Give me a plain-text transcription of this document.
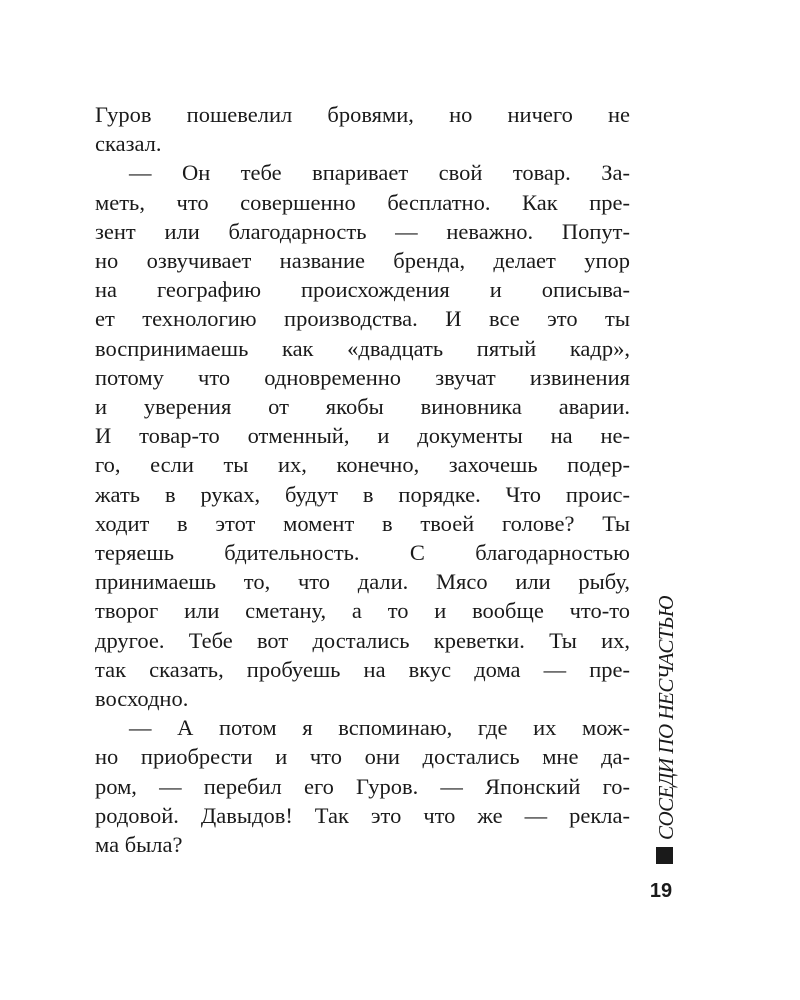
Гуров пошевелил бровями, но ничего не
сказал.
— Он тебе впаривает свой товар. За-
меть, что совершенно бесплатно. Как пре-
зент или благодарность — неважно. Попут-
но озвучивает название бренда, делает упор
на географию происхождения и описыва-
ет технологию производства. И все это ты
воспринимаешь как «двадцать пятый кадр»,
потому что одновременно звучат извинения
и уверения от якобы виновника аварии.
И товар-то отменный, и документы на не-
го, если ты их, конечно, захочешь подер-
жать в руках, будут в порядке. Что проис-
ходит в этот момент в твоей голове? Ты
теряешь бдительность. С благодарностью
принимаешь то, что дали. Мясо или рыбу,
творог или сметану, а то и вообще что-то
другое. Тебе вот достались креветки. Ты их,
так сказать, пробуешь на вкус дома — пре-
восходно.
— А потом я вспоминаю, где их мож-
но приобрести и что они достались мне да-
ром, — перебил его Гуров. — Японский го-
родовой. Давыдов! Так это что же — рекла-
ма была?
СОСЕДИ ПО НЕСЧАСТЬЮ
19
